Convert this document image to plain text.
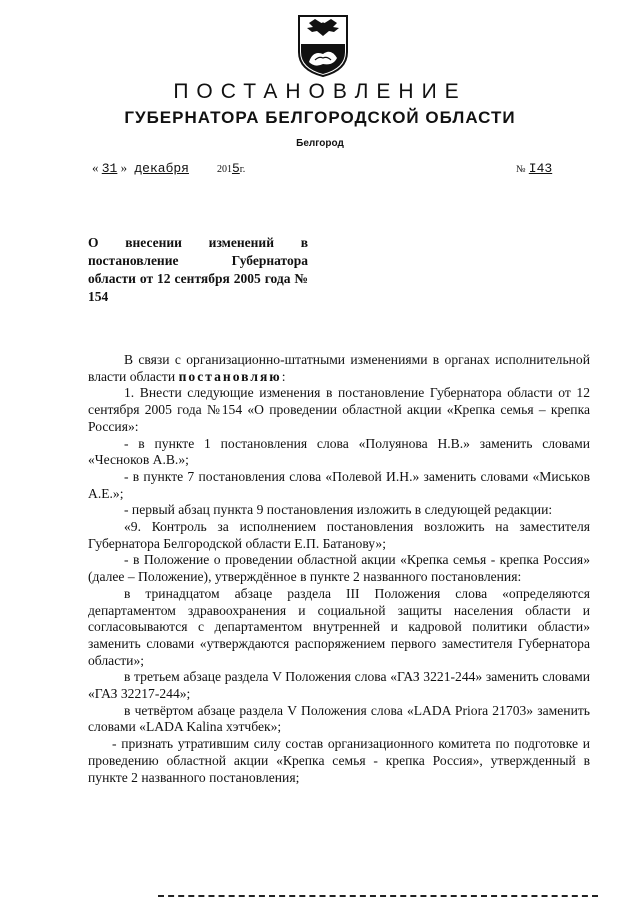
ПОСТАНОВЛЕНИЕ
ГУБЕРНАТОРА БЕЛГОРОДСКОЙ ОБЛАСТИ
Белгород
« 31 » декабря	2015г.	№ I43
О внесении изменений в постановление Губернатора области от 12 сентября 2005 года № 154

В связи с организационно-штатными изменениями в органах исполнительной власти области постановляю:

1. Внести следующие изменения в постановление Губернатора области от 12 сентября 2005 года №154 «О проведении областной акции «Крепка семья – крепка Россия»:

- в пункте 1 постановления слова «Полуянова Н.В.» заменить словами «Чесноков А.В.»;

- в пункте 7 постановления слова «Полевой И.Н.» заменить словами «Миськов А.Е.»;

- первый абзац пункта 9 постановления изложить в следующей редакции:

«9. Контроль за исполнением постановления возложить на заместителя Губернатора Белгородской области Е.П. Батанову»;

- в Положение о проведении областной акции «Крепка семья - крепка Россия» (далее – Положение), утверждённое в пункте 2 названного постановления:

в тринадцатом абзаце раздела III Положения слова «определяются департаментом здравоохранения и социальной защиты населения области и согласовываются с департаментом внутренней и кадровой политики области» заменить словами «утверждаются распоряжением первого заместителя Губернатора области»;

в третьем абзаце раздела V Положения слова «ГАЗ 3221-244» заменить словами «ГАЗ 32217-244»;

в четвёртом абзаце раздела V Положения слова «LADA Priora 21703» заменить словами «LADA Kalina хэтчбек»;

- признать утратившим силу состав организационного комитета по подготовке и проведению областной акции «Крепка семья - крепка Россия», утвержденный в пункте 2 названного постановления;
